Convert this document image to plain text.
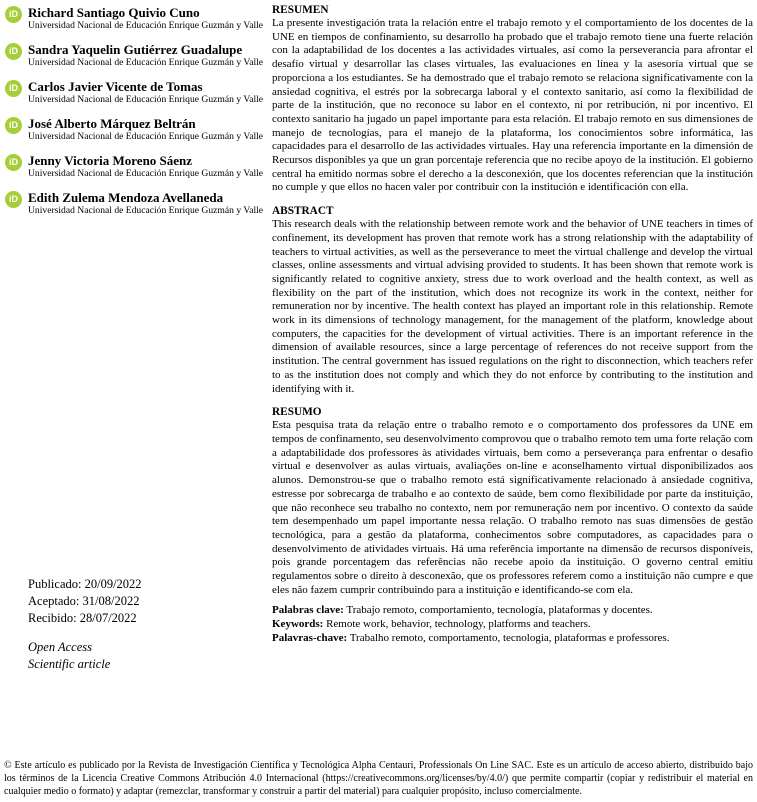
iD Richard Santiago Quivio Cuno
Universidad Nacional de Educación Enrique Guzmán y Valle
iD Sandra Yaquelin Gutiérrez Guadalupe
Universidad Nacional de Educación Enrique Guzmán y Valle
iD Carlos Javier Vicente de Tomas
Universidad Nacional de Educación Enrique Guzmán y Valle
iD José Alberto Márquez Beltrán
Universidad Nacional de Educación Enrique Guzmán y Valle
iD Jenny Victoria Moreno Sáenz
Universidad Nacional de Educación Enrique Guzmán y Valle
iD Edith Zulema Mendoza Avellaneda
Universidad Nacional de Educación Enrique Guzmán y Valle
Publicado: 20/09/2022
Aceptado: 31/08/2022
Recibido: 28/07/2022
Open Access
Scientific article
RESUMEN

La presente investigación trata la relación entre el trabajo remoto y el comportamiento de los docentes de la UNE en tiempos de confinamiento, su desarrollo ha probado que el trabajo remoto tiene una fuerte relación con la adaptabilidad de los docentes a las actividades virtuales, así como la perseverancia para afrontar el desafío virtual y desarrollar las clases virtuales, las evaluaciones en línea y la asesoría virtual que se proporciona a los estudiantes. Se ha demostrado que el trabajo remoto se relaciona significativamente con la ansiedad cognitiva, el estrés por la sobrecarga laboral y el contexto sanitario, así como la flexibilidad de parte de la institución, que no reconoce su labor en el contexto, ni por retribución, ni por incentivo. El contexto sanitario ha jugado un papel importante para esta relación. El trabajo remoto en sus dimensiones de manejo de tecnologías, para el manejo de la plataforma, los conocimientos sobre informática, las capacidades para el desarrollo de las actividades virtuales. Hay una referencia importante en la dimensión de Recursos disponibles ya que un gran porcentaje referencia que no recibe apoyo de la institución. El gobierno central ha emitido normas sobre el derecho a la desconexión, que los docentes referencian que la institución no cumple y que ellos no hacen valer por contribuir con la institución e identificación con ella.

ABSTRACT

This research deals with the relationship between remote work and the behavior of UNE teachers in times of confinement, its development has proven that remote work has a strong relationship with the adaptability of teachers to virtual activities, as well as the perseverance to meet the virtual challenge and develop the virtual classes, online assessments and virtual advising provided to students. It has been shown that remote work is significantly related to cognitive anxiety, stress due to work overload and the health context, as well as flexibility on the part of the institution, which does not recognize its work in the context, neither for remuneration nor by incentive. The health context has played an important role in this relationship. Remote work in its dimensions of technology management, for the management of the platform, knowledge about computers, the capacities for the development of virtual activities. There is an important reference in the dimension of available resources, since a large percentage of references do not receive support from the institution. The central government has issued regulations on the right to disconnection, which teachers refer to as the institution does not comply and which they do not enforce by contributing to the institution and identifying with it.

RESUMO

Esta pesquisa trata da relação entre o trabalho remoto e o comportamento dos professores da UNE em tempos de confinamento, seu desenvolvimento comprovou que o trabalho remoto tem uma forte relação com a adaptabilidade dos professores às atividades virtuais, bem como a perseverança para enfrentar o desafio virtual e desenvolver as aulas virtuais, avaliações on-line e aconselhamento virtual disponibilizados aos alunos. Demonstrou-se que o trabalho remoto está significativamente relacionado à ansiedade cognitiva, estresse por sobrecarga de trabalho e ao contexto de saúde, bem como flexibilidade por parte da instituição, que não reconhece seu trabalho no contexto, nem por remuneração nem por incentivo. O contexto da saúde tem desempenhado um papel importante nessa relação. O trabalho remoto nas suas dimensões de gestão tecnológica, para a gestão da plataforma, conhecimentos sobre computadores, as capacidades para o desenvolvimento de atividades virtuais. Há uma referência importante na dimensão de recursos disponíveis, pois grande porcentagem das referências não recebe apoio da instituição. O governo central emitiu regulamentos sobre o direito à desconexão, que os professores referem como a instituição não cumpre e que eles não fazem cumprir contribuindo para a instituição e identificando-se com ela.

Palabras clave: Trabajo remoto, comportamiento, tecnología, plataformas y docentes.

Keywords: Remote work, behavior, technology, platforms and teachers.

Palavras-chave: Trabalho remoto, comportamento, tecnologia, plataformas e professores.

© Este artículo es publicado por la Revista de Investigación Científica y Tecnológica Alpha Centauri, Professionals On Line SAC. Este es un artículo de acceso abierto, distribuido bajo los términos de la Licencia Creative Commons Atribución 4.0 Internacional (https://creativecommons.org/licenses/by/4.0/) que permite compartir (copiar y redistribuir el material en cualquier medio o formato) y adaptar (remezclar, transformar y construir a partir del material) para cualquier propósito, incluso comercialmente.
